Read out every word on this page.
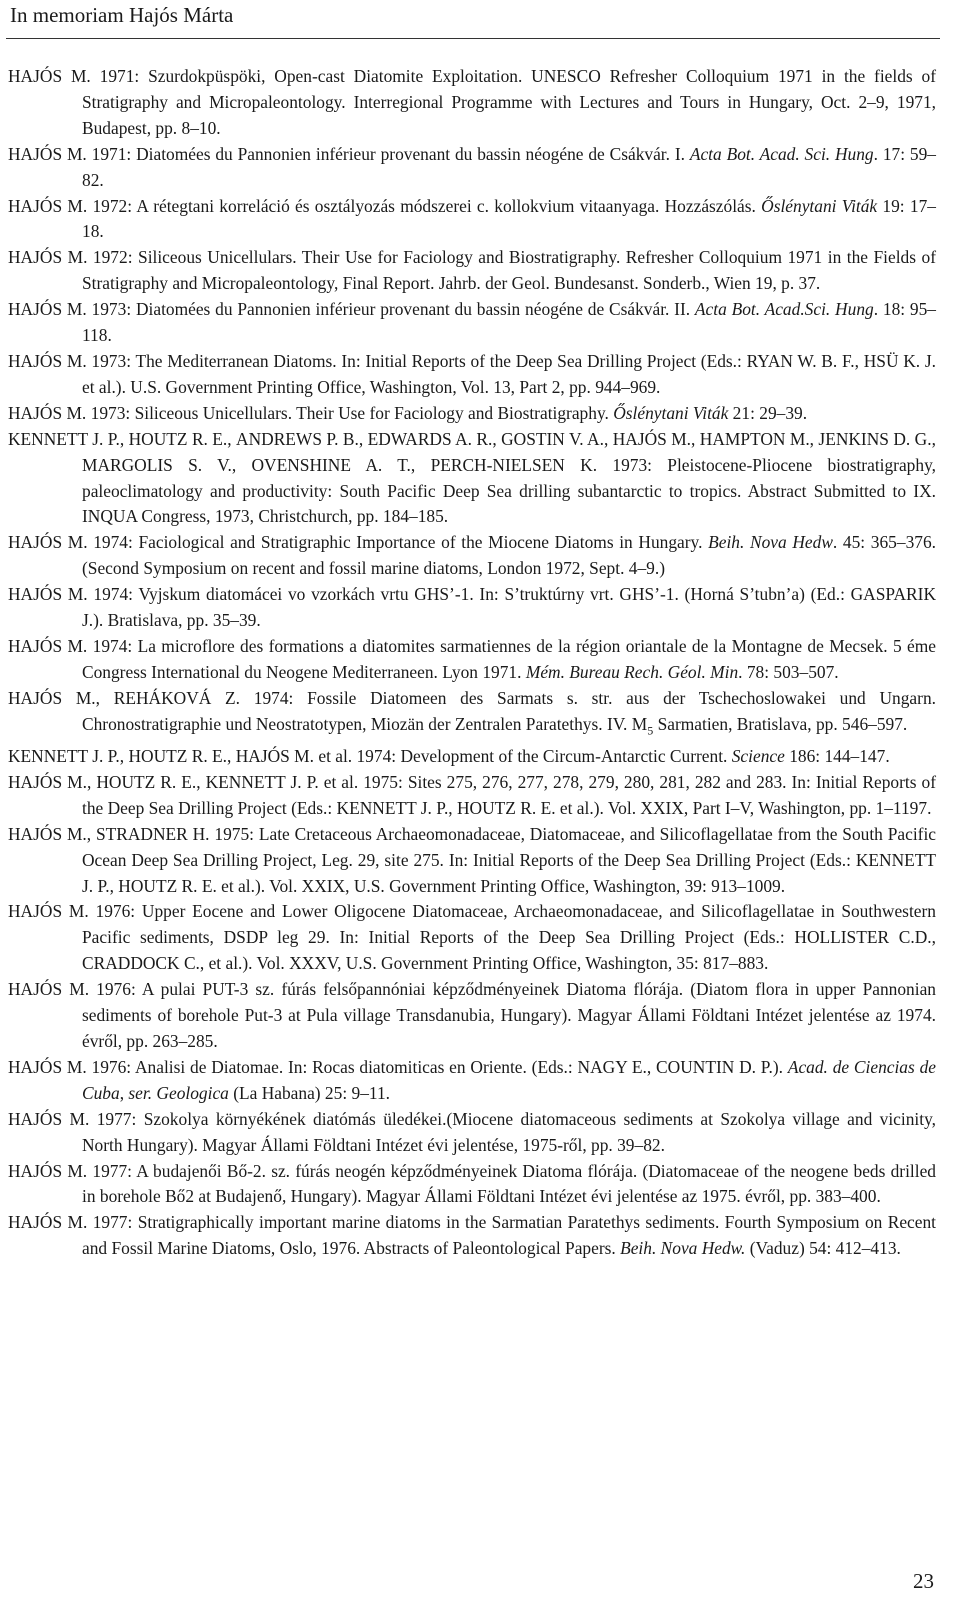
In memoriam Hajós Márta

HAJÓS M. 1971: Szurdokpüspöki, Open-cast Diatomite Exploitation. UNESCO Refresher Colloquium 1971 in the fields of Stratigraphy and Micropaleontology. Interregional Programme with Lectures and Tours in Hungary, Oct. 2–9, 1971, Budapest, pp. 8–10.

HAJÓS M. 1971: Diatomées du Pannonien inférieur provenant du bassin néogéne de Csákvár. I. Acta Bot. Acad. Sci. Hung. 17: 59–82.

HAJÓS M. 1972: A rétegtani korreláció és osztályozás módszerei c. kollokvium vitaanyaga. Hozzászólás. Őslénytani Viták 19: 17–18.

HAJÓS M. 1972: Siliceous Unicellulars. Their Use for Faciology and Biostratigraphy. Refresher Colloquium 1971 in the Fields of Stratigraphy and Micropaleontology, Final Report. Jahrb. der Geol. Bundesanst. Sonderb., Wien 19, p. 37.

HAJÓS M. 1973: Diatomées du Pannonien inférieur provenant du bassin néogéne de Csákvár. II. Acta Bot. Acad.Sci. Hung. 18: 95–118.

HAJÓS M. 1973: The Mediterranean Diatoms. In: Initial Reports of the Deep Sea Drilling Project (Eds.: RYAN W. B. F., HSÜ K. J. et al.). U.S. Government Printing Office, Washington, Vol. 13, Part 2, pp. 944–969.

HAJÓS M. 1973: Siliceous Unicellulars. Their Use for Faciology and Biostratigraphy. Őslénytani Viták 21: 29–39.

KENNETT J. P., HOUTZ R. E., ANDREWS P. B., EDWARDS A. R., GOSTIN V. A., HAJÓS M., HAMPTON M., JENKINS D. G., MARGOLIS S. V., OVENSHINE A. T., PERCH-NIELSEN K. 1973: Pleistocene-Pliocene biostratigraphy, paleoclimatology and productivity: South Pacific Deep Sea drilling subantarctic to tropics. Abstract Submitted to IX. INQUA Congress, 1973, Christchurch, pp. 184–185.

HAJÓS M. 1974: Faciological and Stratigraphic Importance of the Miocene Diatoms in Hungary. Beih. Nova Hedw. 45: 365–376. (Second Symposium on recent and fossil marine diatoms, London 1972, Sept. 4–9.)

HAJÓS M. 1974: Vyjskum diatomácei vo vzorkách vrtu GHS’-1. In: S’truktúrny vrt. GHS’-1. (Horná S’tubn’a) (Ed.: GASPARIK J.). Bratislava, pp. 35–39.

HAJÓS M. 1974: La microflore des formations a diatomites sarmatiennes de la région oriantale de la Montagne de Mecsek. 5 éme Congress International du Neogene Mediterraneen. Lyon 1971. Mém. Bureau Rech. Géol. Min. 78: 503–507.

HAJÓS M., REHÁKOVÁ Z. 1974: Fossile Diatomeen des Sarmats s. str. aus der Tschechoslowakei und Ungarn. Chronostratigraphie und Neostratotypen, Miozän der Zentralen Paratethys. IV. $M_5$ Sarmatien, Bratislava, pp. 546–597.

KENNETT J. P., HOUTZ R. E., HAJÓS M. et al. 1974: Development of the Circum-Antarctic Current. Science 186: 144–147.

HAJÓS M., HOUTZ R. E., KENNETT J. P. et al. 1975: Sites 275, 276, 277, 278, 279, 280, 281, 282 and 283. In: Initial Reports of the Deep Sea Drilling Project (Eds.: KENNETT J. P., HOUTZ R. E. et al.). Vol. XXIX, Part I–V, Washington, pp. 1–1197.

HAJÓS M., STRADNER H. 1975: Late Cretaceous Archaeomonadaceae, Diatomaceae, and Silicoflagellatae from the South Pacific Ocean Deep Sea Drilling Project, Leg. 29, site 275. In: Initial Reports of the Deep Sea Drilling Project (Eds.: KENNETT J. P., HOUTZ R. E. et al.). Vol. XXIX, U.S. Government Printing Office, Washington, 39: 913–1009.

HAJÓS M. 1976: Upper Eocene and Lower Oligocene Diatomaceae, Archaeomonadaceae, and Silicoflagellatae in Southwestern Pacific sediments, DSDP leg 29. In: Initial Reports of the Deep Sea Drilling Project (Eds.: HOLLISTER C.D., CRADDOCK C., et al.). Vol. XXXV, U.S. Government Printing Office, Washington, 35: 817–883.

HAJÓS M. 1976: A pulai PUT-3 sz. fúrás felsőpannóniai képződményeinek Diatoma flórája. (Diatom flora in upper Pannonian sediments of borehole Put-3 at Pula village Transdanubia, Hungary). Magyar Állami Földtani Intézet jelentése az 1974. évről, pp. 263–285.

HAJÓS M. 1976: Analisi de Diatomae. In: Rocas diatomiticas en Oriente. (Eds.: NAGY E., COUNTIN D. P.). Acad. de Ciencias de Cuba, ser. Geologica (La Habana) 25: 9–11.

HAJÓS M. 1977: Szokolya környékének diatómás üledékei.(Miocene diatomaceous sediments at Szokolya village and vicinity, North Hungary). Magyar Állami Földtani Intézet évi jelentése, 1975-ről, pp. 39–82.

HAJÓS M. 1977: A budajenői Bő-2. sz. fúrás neogén képződményeinek Diatoma flórája. (Diatomaceae of the neogene beds drilled in borehole Bő2 at Budajenő, Hungary). Magyar Állami Földtani Intézet évi jelentése az 1975. évről, pp. 383–400.

HAJÓS M. 1977: Stratigraphically important marine diatoms in the Sarmatian Paratethys sediments. Fourth Symposium on Recent and Fossil Marine Diatoms, Oslo, 1976. Abstracts of Paleontological Papers. Beih. Nova Hedw. (Vaduz) 54: 412–413.

23
